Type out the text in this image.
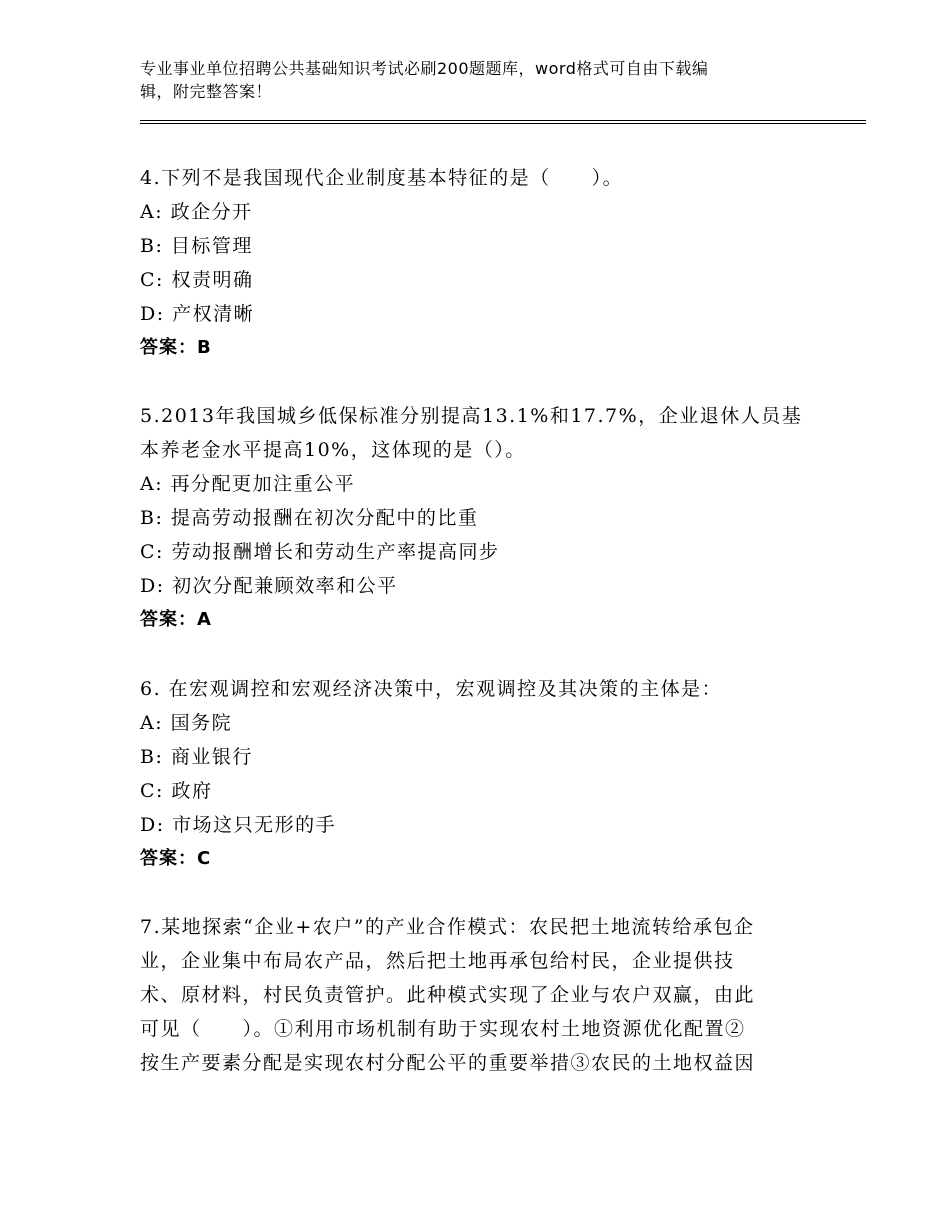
专业事业单位招聘公共基础知识考试必刷200题题库，word格式可自由下载编
辑，附完整答案！
4.下列不是我国现代企业制度基本特征的是（　　）。
A: 政企分开
B: 目标管理
C: 权责明确
D: 产权清晰
答案：B
5.2013年我国城乡低保标准分别提高13.1%和17.7%，企业退休人员基
本养老金水平提高10%，这体现的是（）。
A: 再分配更加注重公平
B: 提高劳动报酬在初次分配中的比重
C: 劳动报酬增长和劳动生产率提高同步
D: 初次分配兼顾效率和公平
答案：A
6. 在宏观调控和宏观经济决策中，宏观调控及其决策的主体是：
A: 国务院
B: 商业银行
C: 政府
D: 市场这只无形的手
答案：C
7.某地探索“企业+农户”的产业合作模式：农民把土地流转给承包企
业，企业集中布局农产品，然后把土地再承包给村民，企业提供技
术、原材料，村民负责管护。此种模式实现了企业与农户双赢，由此
可见（　　）。①利用市场机制有助于实现农村土地资源优化配置②
按生产要素分配是实现农村分配公平的重要举措③农民的土地权益因
